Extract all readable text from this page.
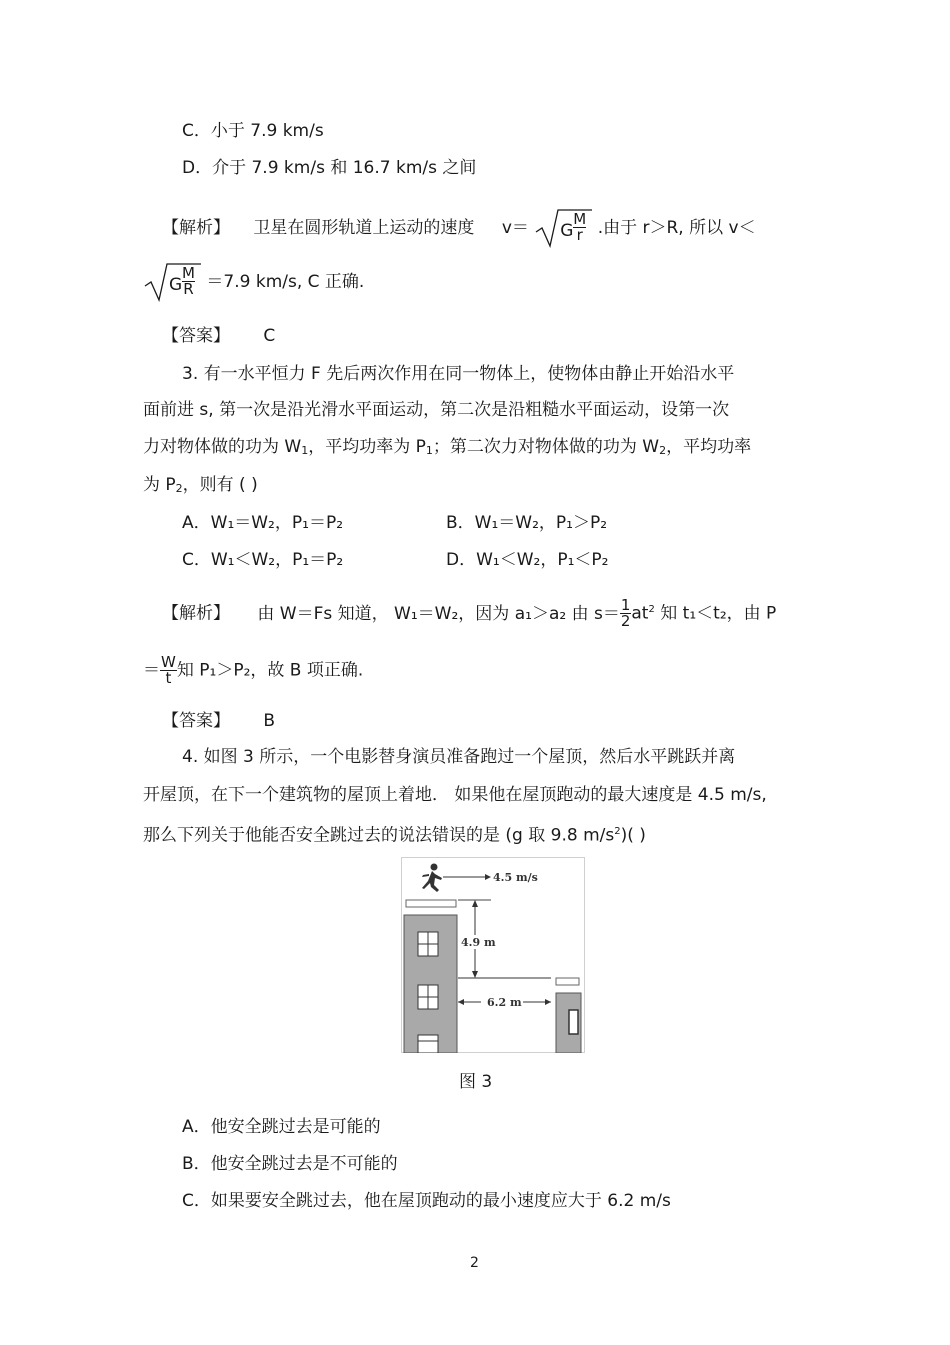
C．小于 7.9 km/s
D．介于 7.9 km/s 和 16.7 km/s 之间
【解析】 卫星在圆形轨道上运动的速度 v＝ G $\frac{M}{r}$ .由于 r＞R, 所以 v＜
G $\frac{M}{R} =7.9$ km/s, C 正确.
【答案】 C
3. 有一水平恒力 F 先后两次作用在同一物体上，使物体由静止开始沿水平
面前进 s, 第一次是沿光滑水平面运动，第二次是沿粗糙水平面运动，设第一次
力对物体做的功为 $W_1$，平均功率为 $P_1$；第二次力对物体做的功为 $W_2$，平均功率
为 $P_2$，则有 ( )
A．W₁＝W₂，P₁＝P₂	B．W₁＝W₂，P₁＞P₂
C．W₁＜W₂，P₁＝P₂	D．W₁＜W₂，P₁＜P₂
【解析】 由 W＝Fs 知道， W₁＝W₂，因为 a₁＞a₂ 由 $s= \frac{1}{2} at^2$ 知 t₁＜t₂，由 P
＝ $\frac{W}{t}$ 知 P₁＞P₂，故 B 项正确.
【答案】 B
4. 如图 3 所示，一个电影替身演员准备跑过一个屋顶，然后水平跳跃并离
开屋顶，在下一个建筑物的屋顶上着地． 如果他在屋顶跑动的最大速度是 4.5 m/s,
那么下列关于他能否安全跳过去的说法错误的是 (g 取 9.8 $m/s^2$)( )
4.5 m/s
4.9 m
6.2 m
图 3
A．他安全跳过去是可能的
B．他安全跳过去是不可能的
C．如果要安全跳过去，他在屋顶跑动的最小速度应大于 6.2 m/s
2
